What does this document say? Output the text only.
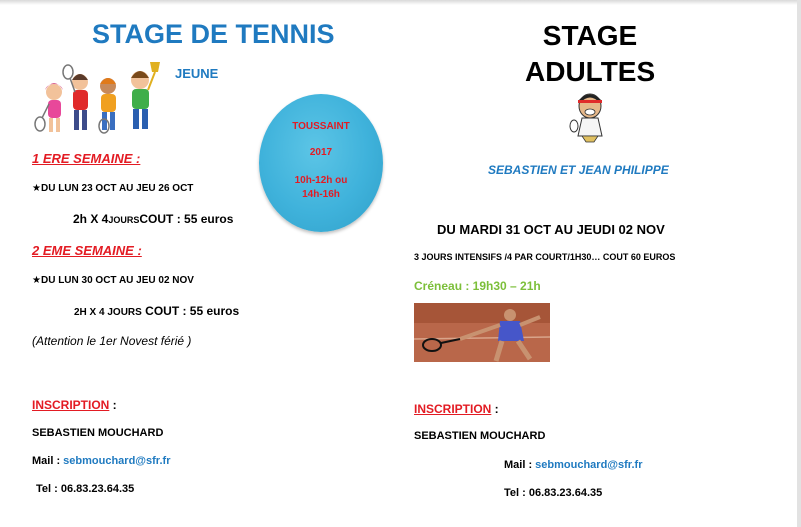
STAGE DE TENNIS
JEUNE
TOUSSAINT
2017
10h-12h ou
14h-16h
1 ERE SEMAINE :
★DU LUN 23 OCT AU JEU 26 OCT
2h X 4JOURSCOUT : 55 euros
2 EME SEMAINE :
★DU LUN 30 OCT AU JEU 02 NOV
2H X 4 JOURS COUT : 55 euros
(Attention le 1er Novest férié )
INSCRIPTION :
SEBASTIEN MOUCHARD
Mail : sebmouchard@sfr.fr
Tel : 06.83.23.64.35
STAGE
ADULTES
SEBASTIEN ET JEAN PHILIPPE
DU MARDI 31 OCT AU JEUDI 02 NOV
3 JOURS INTENSIFS /4 PAR COURT/1H30… COUT 60 EUROS
Créneau : 19h30 – 21h
INSCRIPTION :
SEBASTIEN MOUCHARD
Mail : sebmouchard@sfr.fr
Tel : 06.83.23.64.35
